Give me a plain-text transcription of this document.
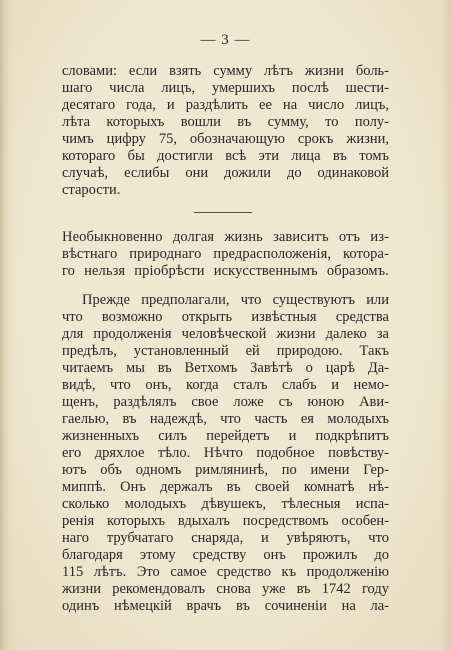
— 3 —
словами: если взять сумму лѣтъ жизни боль-
шаго числа лицъ, умершихъ послѣ шести-
десятаго года, и раздѣлить ее на число лицъ,
лѣта которыхъ вошли въ сумму, то полу-
чимъ цифру 75, обозначающую срокъ жизни,
котораго бы достигли всѣ эти лица въ томъ
случаѣ, еслибы они дожили до одинаковой
старости.
Необыкновенно долгая жизнь зависитъ отъ из-
вѣстнаго природнаго предрасположенія, котора-
го нельзя пріобрѣсти искусственнымъ образомъ.
Прежде предполагали, что существуютъ или
что возможно открыть извѣстныя средства
для продолженія человѣческой жизни далеко за
предѣлъ, установленный ей природою. Такъ
читаемъ мы въ Ветхомъ Завѣтѣ о царѣ Да-
видѣ, что онъ, когда сталъ слабъ и немо-
щенъ, раздѣлялъ свое ложе съ юною Ави-
гаелью, въ надеждѣ, что часть ея молодыхъ
жизненныхъ силъ перейдетъ и подкрѣпитъ
его дряхлое тѣло. Нѣчто подобное повѣству-
ютъ объ одномъ римлянинѣ, по имени Гер-
миппѣ. Онъ держалъ въ своей комнатѣ нѣ-
сколько молодыхъ дѣвушекъ, тѣлесныя испа-
ренія которыхъ вдыхалъ посредствомъ особен-
наго трубчатаго снаряда, и увѣряютъ, что
благодаря этому средству онъ прожилъ до
115 лѣтъ. Это самое средство къ продолженію
жизни рекомендовалъ снова уже въ 1742 году
одинъ нѣмецкій врачъ въ сочиненіи на ла-
